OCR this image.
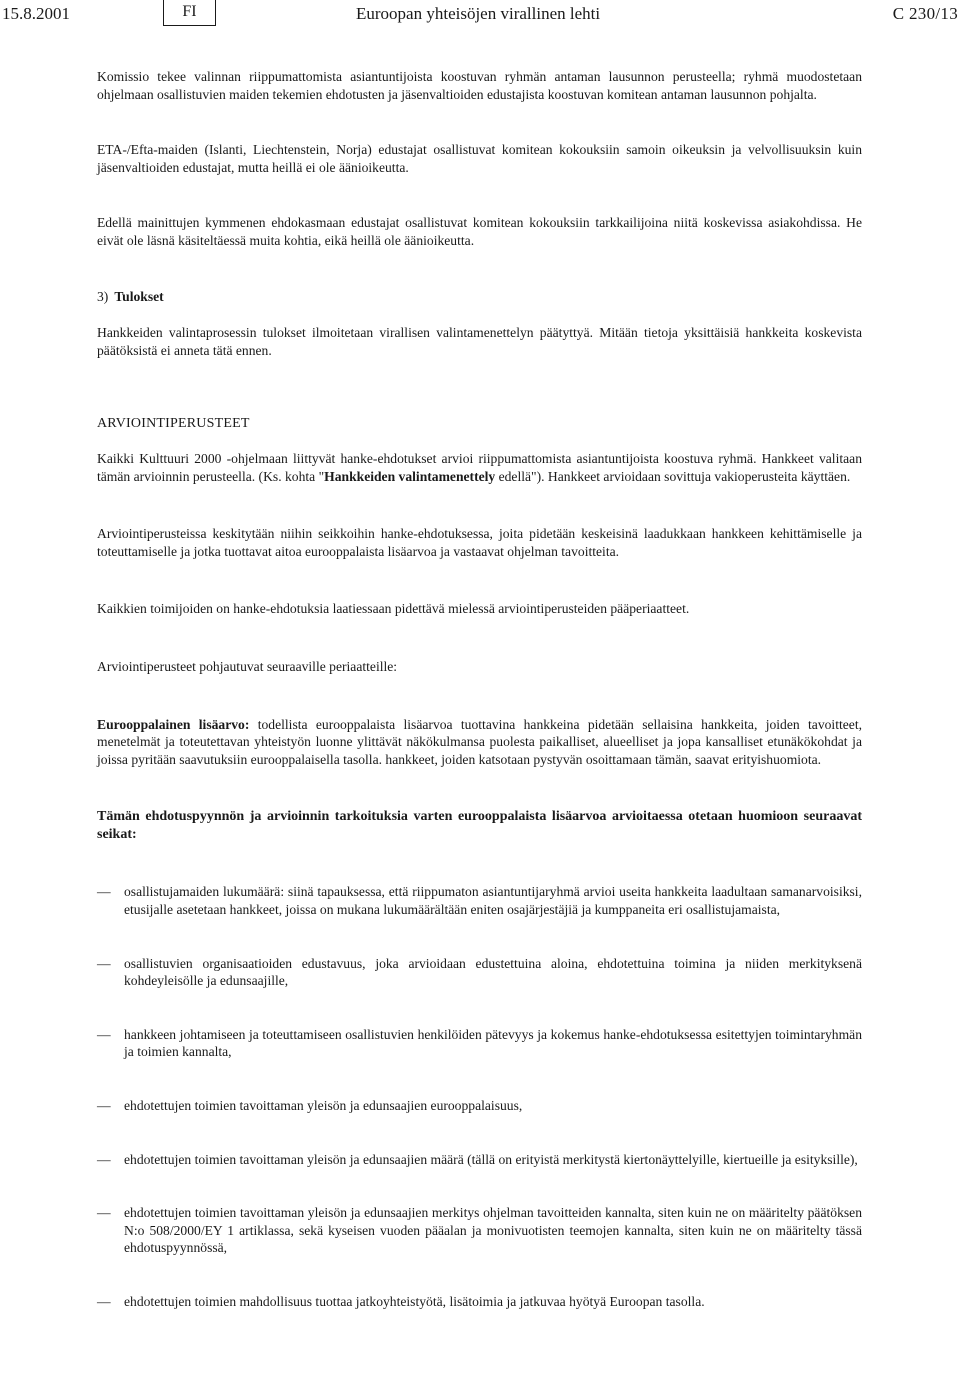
15.8.2001	FI	Euroopan yhteisöjen virallinen lehti	C 230/13

Komissio tekee valinnan riippumattomista asiantuntijoista koostuvan ryhmän antaman lausunnon perusteella; ryhmä muodostetaan ohjelmaan osallistuvien maiden tekemien ehdotusten ja jäsenvaltioiden edustajista koostuvan komitean antaman lausunnon pohjalta.

ETA-/Efta-maiden (Islanti, Liechtenstein, Norja) edustajat osallistuvat komitean kokouksiin samoin oikeuksin ja velvollisuuksin kuin jäsenvaltioiden edustajat, mutta heillä ei ole äänioikeutta.

Edellä mainittujen kymmenen ehdokasmaan edustajat osallistuvat komitean kokouksiin tarkkailijoina niitä koskevissa asiakohdissa. He eivät ole läsnä käsiteltäessä muita kohtia, eikä heillä ole äänioikeutta.

3) Tulokset

Hankkeiden valintaprosessin tulokset ilmoitetaan virallisen valintamenettelyn päätyttyä. Mitään tietoja yksittäisiä hankkeita koskevista päätöksistä ei anneta tätä ennen.

ARVIOINTIPERUSTEET

Kaikki Kulttuuri 2000 -ohjelmaan liittyvät hanke-ehdotukset arvioi riippumattomista asiantuntijoista koostuva ryhmä. Hankkeet valitaan tämän arvioinnin perusteella. (Ks. kohta "Hankkeiden valintamenettely edellä"). Hankkeet arvioidaan sovittuja vakioperusteita käyttäen.

Arviointiperusteissa keskitytään niihin seikkoihin hanke-ehdotuksessa, joita pidetään keskeisinä laadukkaan hankkeen kehittämiselle ja toteuttamiselle ja jotka tuottavat aitoa eurooppalaista lisäarvoa ja vastaavat ohjelman tavoitteita.

Kaikkien toimijoiden on hanke-ehdotuksia laatiessaan pidettävä mielessä arviointiperusteiden pääperiaatteet.

Arviointiperusteet pohjautuvat seuraaville periaatteille:

Eurooppalainen lisäarvo: todellista eurooppalaista lisäarvoa tuottavina hankkeina pidetään sellaisina hankkeita, joiden tavoitteet, menetelmät ja toteutettavan yhteistyön luonne ylittävät näkökulmansa puolesta paikalliset, alueelliset ja jopa kansalliset etunäkökohdat ja joissa pyritään saavutuksiin eurooppalaisella tasolla. hankkeet, joiden katsotaan pystyvän osoittamaan tämän, saavat erityishuomiota.

Tämän ehdotuspyynnön ja arvioinnin tarkoituksia varten eurooppalaista lisäarvoa arvioitaessa otetaan huomioon seuraavat seikat:

— osallistujamaiden lukumäärä: siinä tapauksessa, että riippumaton asiantuntijaryhmä arvioi useita hankkeita laadultaan samanarvoisiksi, etusijalle asetetaan hankkeet, joissa on mukana lukumäärältään eniten osajärjestäjiä ja kumppaneita eri osallistujamaista,

— osallistuvien organisaatioiden edustavuus, joka arvioidaan edustettuina aloina, ehdotettuina toimina ja niiden merkityksenä kohdeyleisölle ja edunsaajille,

— hankkeen johtamiseen ja toteuttamiseen osallistuvien henkilöiden pätevyys ja kokemus hanke-ehdotuksessa esitettyjen toimintaryhmän ja toimien kannalta,

— ehdotettujen toimien tavoittaman yleisön ja edunsaajien eurooppalaisuus,

— ehdotettujen toimien tavoittaman yleisön ja edunsaajien määrä (tällä on erityistä merkitystä kiertonäyttelyille, kiertueille ja esityksille),

— ehdotettujen toimien tavoittaman yleisön ja edunsaajien merkitys ohjelman tavoitteiden kannalta, siten kuin ne on määritelty päätöksen N:o 508/2000/EY 1 artiklassa, sekä kyseisen vuoden pääalan ja monivuotisten teemojen kannalta, siten kuin ne on määritelty tässä ehdotuspyynnössä,

— ehdotettujen toimien mahdollisuus tuottaa jatkoyhteistyötä, lisätoimia ja jatkuvaa hyötyä Euroopan tasolla.
